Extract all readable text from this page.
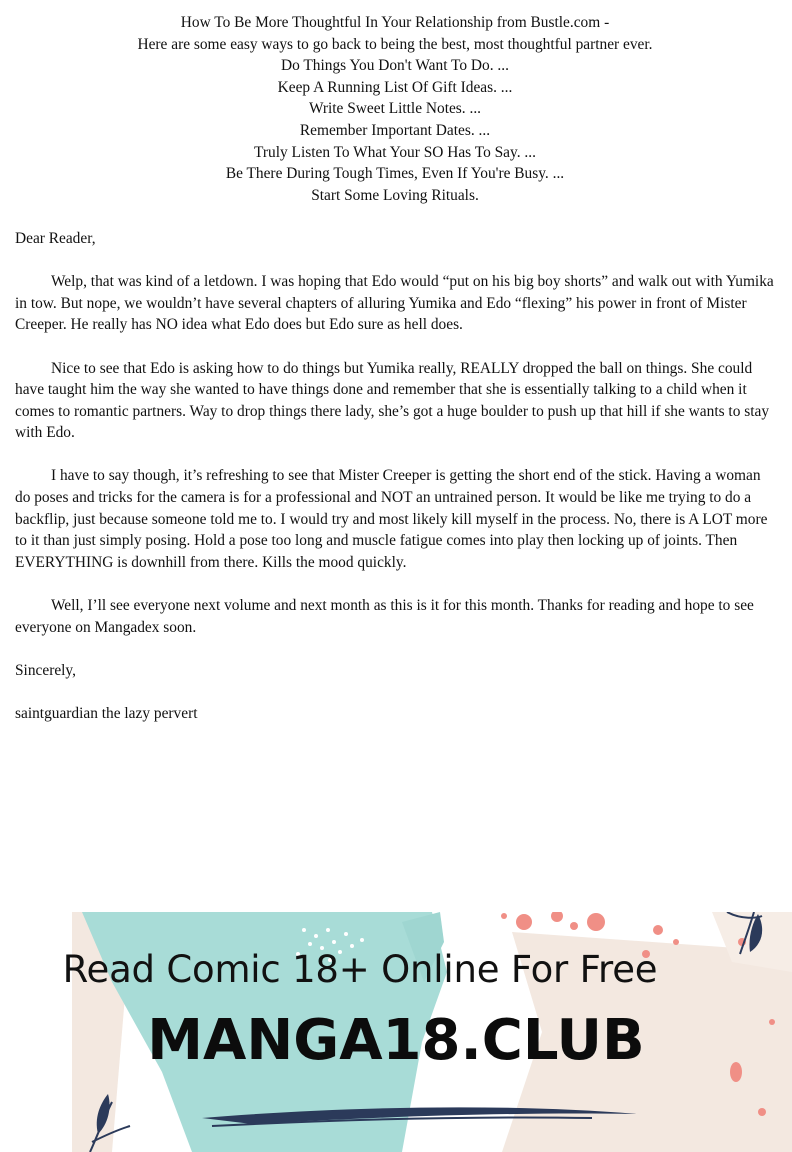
How To Be More Thoughtful In Your Relationship from Bustle.com -
Here are some easy ways to go back to being the best, most thoughtful partner ever.
Do Things You Don't Want To Do. ...
Keep A Running List Of Gift Ideas. ...
Write Sweet Little Notes. ...
Remember Important Dates. ...
Truly Listen To What Your SO Has To Say. ...
Be There During Tough Times, Even If You're Busy. ...
Start Some Loving Rituals.

Dear Reader,

Welp, that was kind of a letdown. I was hoping that Edo would “put on his big boy shorts” and walk out with Yumika in tow. But nope, we wouldn’t have several chapters of alluring Yumika and Edo “flexing” his power in front of Mister Creeper. He really has NO idea what Edo does but Edo sure as hell does.

Nice to see that Edo is asking how to do things but Yumika really, REALLY dropped the ball on things. She could have taught him the way she wanted to have things done and remember that she is essentially talking to a child when it comes to romantic partners. Way to drop things there lady, she’s got a huge boulder to push up that hill if she wants to stay with Edo.

I have to say though, it’s refreshing to see that Mister Creeper is getting the short end of the stick. Having a woman do poses and tricks for the camera is for a professional and NOT an untrained person. It would be like me trying to do a backflip, just because someone told me to. I would try and most likely kill myself in the process. No, there is A LOT more to it than just simply posing. Hold a pose too long and muscle fatigue comes into play then locking up of joints. Then EVERYTHING is downhill from there. Kills the mood quickly.

Well, I’ll see everyone next volume and next month as this is it for this month. Thanks for reading and hope to see everyone on Mangadex soon.

Sincerely,

saintguardian the lazy pervert

Read Comic 18+ Online For Free
MANGA18.CLUB
